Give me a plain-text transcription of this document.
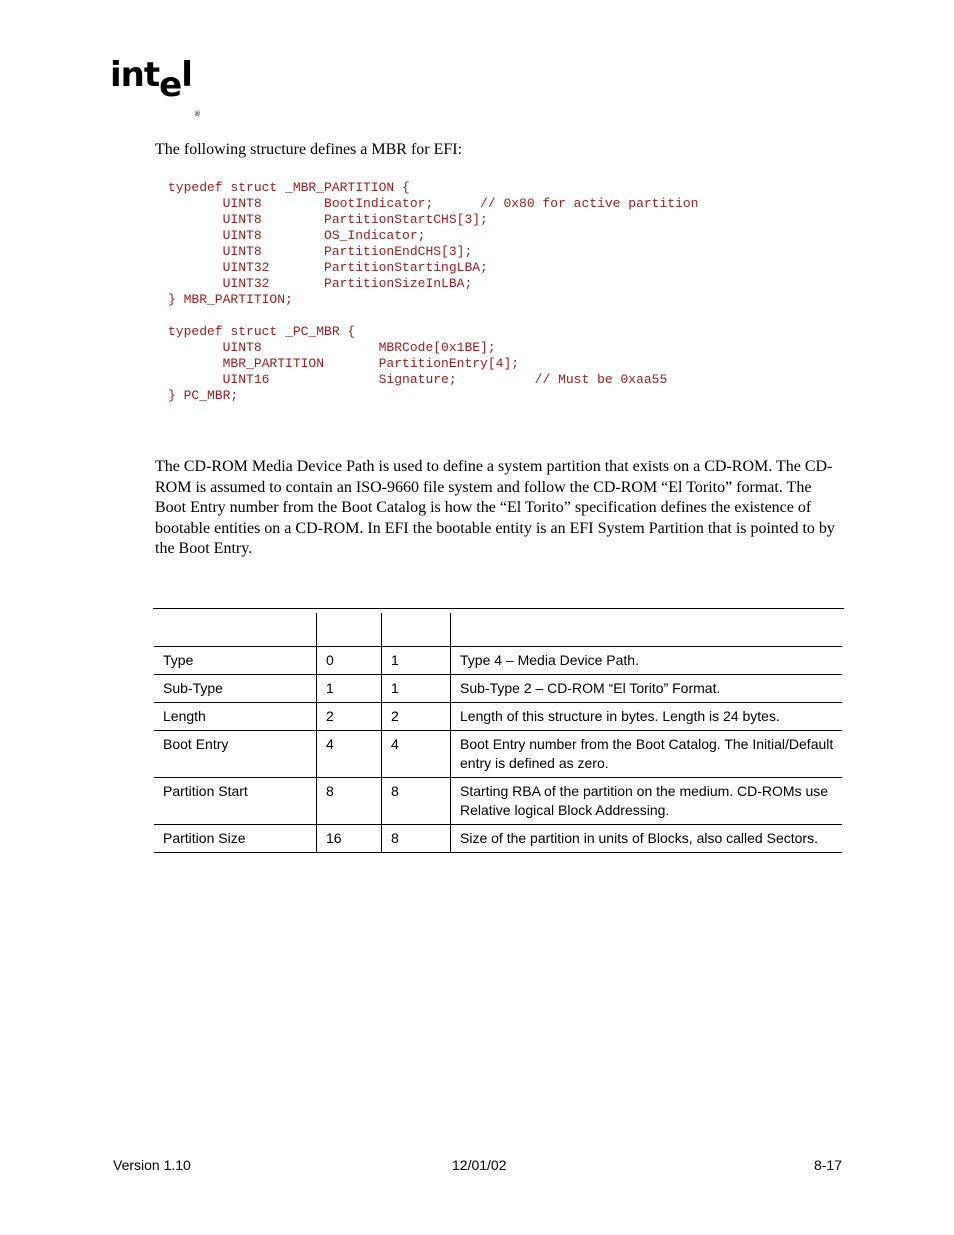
intel$_®$
The following structure defines a MBR for EFI:
typedef struct _MBR_PARTITION {
UINT8        BootIndicator;      // 0x80 for active partition
UINT8        PartitionStartCHS[3];
UINT8        OS_Indicator;
UINT8        PartitionEndCHS[3];
UINT32       PartitionStartingLBA;
UINT32       PartitionSizeInLBA;
} MBR_PARTITION;

typedef struct _PC_MBR {
UINT8               MBRCode[0x1BE];
MBR_PARTITION       PartitionEntry[4];
UINT16              Signature;          // Must be 0xaa55
} PC_MBR;
The CD-ROM Media Device Path is used to define a system partition that exists on a CD-ROM. The CD-ROM is assumed to contain an ISO-9660 file system and follow the CD-ROM “El Torito” format. The Boot Entry number from the Boot Catalog is how the “El Torito” specification defines the existence of bootable entities on a CD-ROM. In EFI the bootable entity is an EFI System Partition that is pointed to by the Boot Entry.

Type	0	1	Type 4 – Media Device Path.
Sub-Type	1	1	Sub-Type 2 – CD-ROM “El Torito” Format.
Length	2	2	Length of this structure in bytes. Length is 24 bytes.
Boot Entry	4	4	Boot Entry number from the Boot Catalog. The Initial/Default entry is defined as zero.
Partition Start	8	8	Starting RBA of the partition on the medium. CD-ROMs use Relative logical Block Addressing.
Partition Size	16	8	Size of the partition in units of Blocks, also called Sectors.
Version 1.10	12/01/02	8-17
